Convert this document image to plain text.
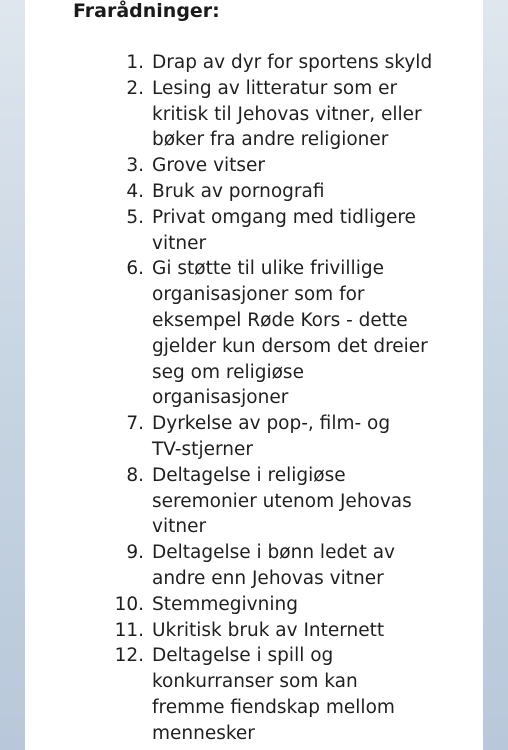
Frarådninger:
1. Drap av dyr for sportens skyld
2. Lesing av litteratur som er
kritisk til Jehovas vitner, eller
bøker fra andre religioner
3. Grove vitser
4. Bruk av pornografi
5. Privat omgang med tidligere
vitner
6. Gi støtte til ulike frivillige
organisasjoner som for
eksempel Røde Kors - dette
gjelder kun dersom det dreier
seg om religiøse
organisasjoner
7. Dyrkelse av pop-, film- og
TV-stjerner
8. Deltagelse i religiøse
seremonier utenom Jehovas
vitner
9. Deltagelse i bønn ledet av
andre enn Jehovas vitner
10. Stemmegivning
11. Ukritisk bruk av Internett
12. Deltagelse i spill og
konkurranser som kan
fremme fiendskap mellom
mennesker
